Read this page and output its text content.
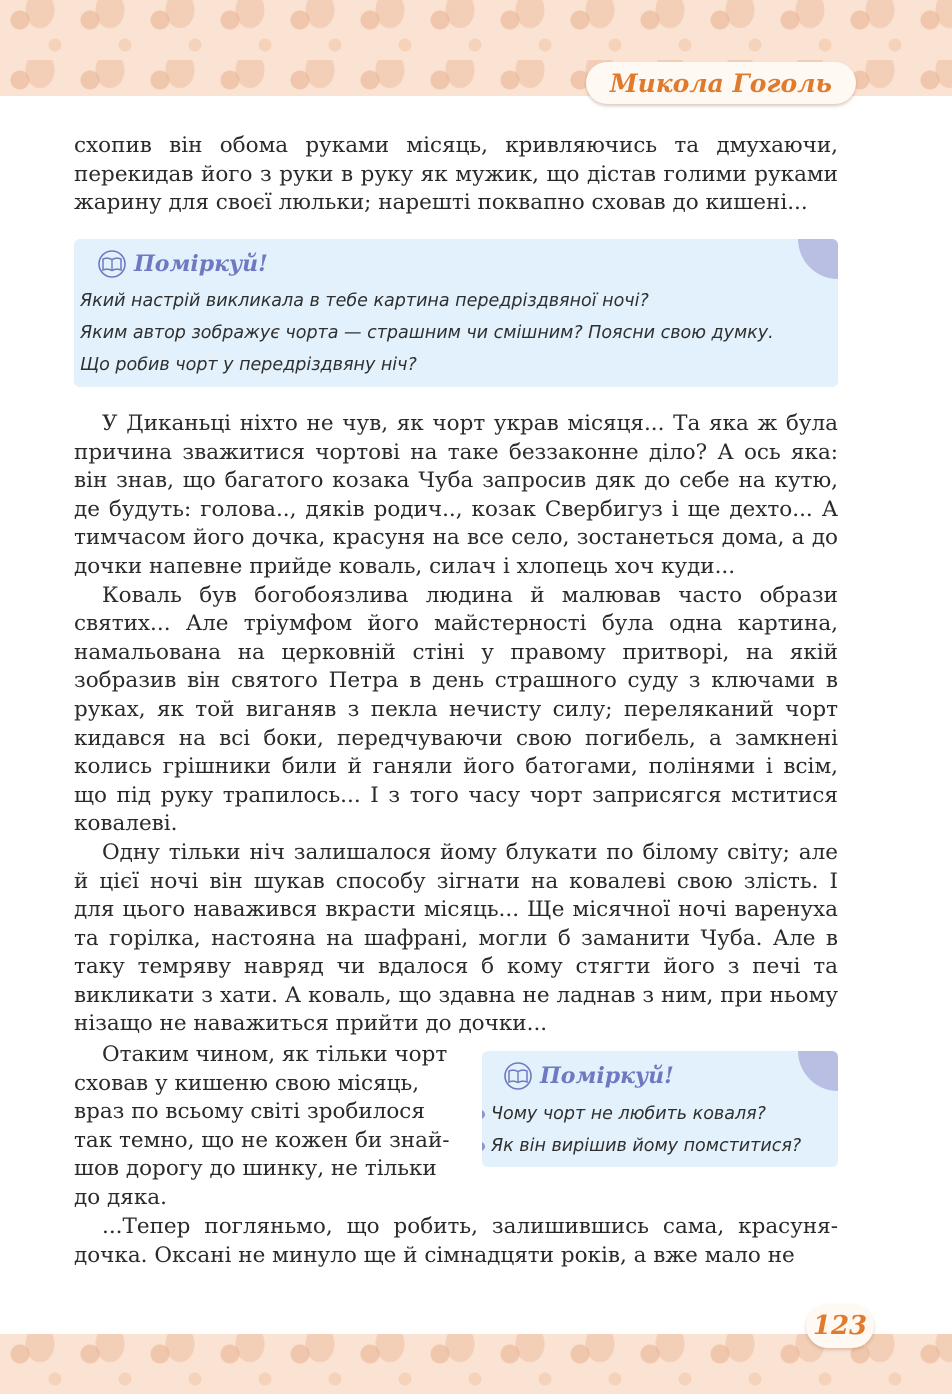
Микола Гоголь

схопив він обома руками місяць, кривляючись та дмухаючи, перекидав його з руки в руку як мужик, що дістав голими руками жарину для своєї люльки; нарешті поквапно сховав до кишені...

Поміркуй!
Який настрій викликала в тебе картина передріздвяної ночі?
Яким автор зображує чорта — страшним чи смішним? Поясни свою думку.
Що робив чорт у передріздвяну ніч?

У Диканьці ніхто не чув, як чорт украв місяця... Та яка ж була причина зважитися чортові на таке беззаконне діло? А ось яка: він знав, що багатого козака Чуба запросив дяк до себе на кутю, де будуть: голова.., дяків родич.., козак Свербигуз і ще дехто... А тимчасом його дочка, красуня на все село, зостанеться дома, а до дочки напевне прийде коваль, силач і хлопець хоч куди...

Коваль був богобоязлива людина й малював часто образи святих... Але тріумфом його майстерності була одна картина, намальована на церковній стіні у правому притворі, на якій зобразив він святого Петра в день страшного суду з ключами в руках, як той виганяв з пекла нечисту силу; переляканий чорт кидався на всі боки, передчуваючи свою погибель, а замкнені колись грішники били й ганяли його батогами, полінями і всім, що під руку трапилось... І з того часу чорт заприсягся мститися ковалеві.

Одну тільки ніч залишалося йому блукати по білому світу; але й цієї ночі він шукав способу зігнати на ковалеві свою злість. І для цього наважився вкрасти місяць... Ще місячної ночі варенуха та горілка, настояна на шафрані, могли б заманити Чуба. Але в таку темряву навряд чи вдалося б кому стягти його з печі та викликати з хати. А коваль, що здавна не ладнав з ним, при ньому нізащо не наважиться прийти до дочки...

Отаким чином, як тільки чорт
сховав у кишеню свою місяць,
враз по всьому світі зробилося
так темно, що не кожен би знай-
шов дорогу до шинку, не тільки
до дяка.
Поміркуй!
Чому чорт не любить коваля?
Як він вирішив йому помститися?

...Тепер погляньмо, що робить, залишившись сама, красуня-дочка. Оксані не минуло ще й сімнадцяти років, а вже мало не

123
